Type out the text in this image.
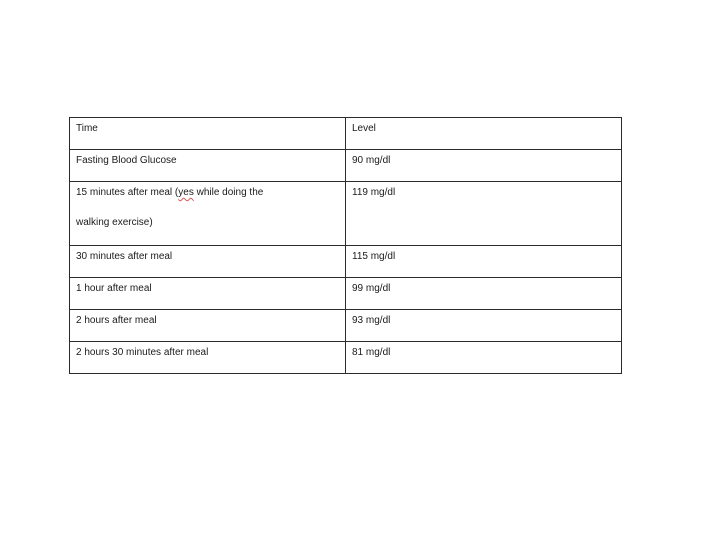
Time	Level
Fasting Blood Glucose	90 mg/dl
15 minutes after meal (yes while doing the
walking exercise)	119 mg/dl
30 minutes after meal	115 mg/dl
1 hour after meal	99 mg/dl
2 hours after meal	93 mg/dl
2 hours 30 minutes after meal	81 mg/dl
